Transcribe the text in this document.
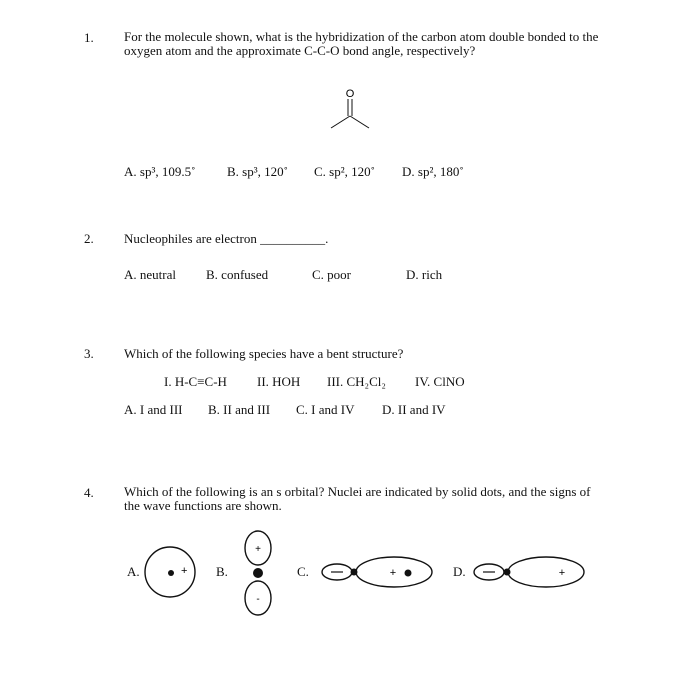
1. For the molecule shown, what is the hybridization of the carbon atom double bonded to the
oxygen atom and the approximate C-C-O bond angle, respectively?
O
A. sp³, 109.5˚ B. sp³, 120˚ C. sp², 120˚ D. sp², 180˚
2. Nucleophiles are electron __________.
A. neutral B. confused	C. poor	D. rich
3. Which of the following species have a bent structure?
I. H-C≡C-H II. HOH III. CH₂Cl₂ IV. ClNO
A. I and III B. II and III C. I and IV D. II and IV
4. Which of the following is an s orbital? Nuclei are indicated by solid dots, and the signs of
the wave functions are shown.
A.	+ B.
+
-
C.	+	D.	+
